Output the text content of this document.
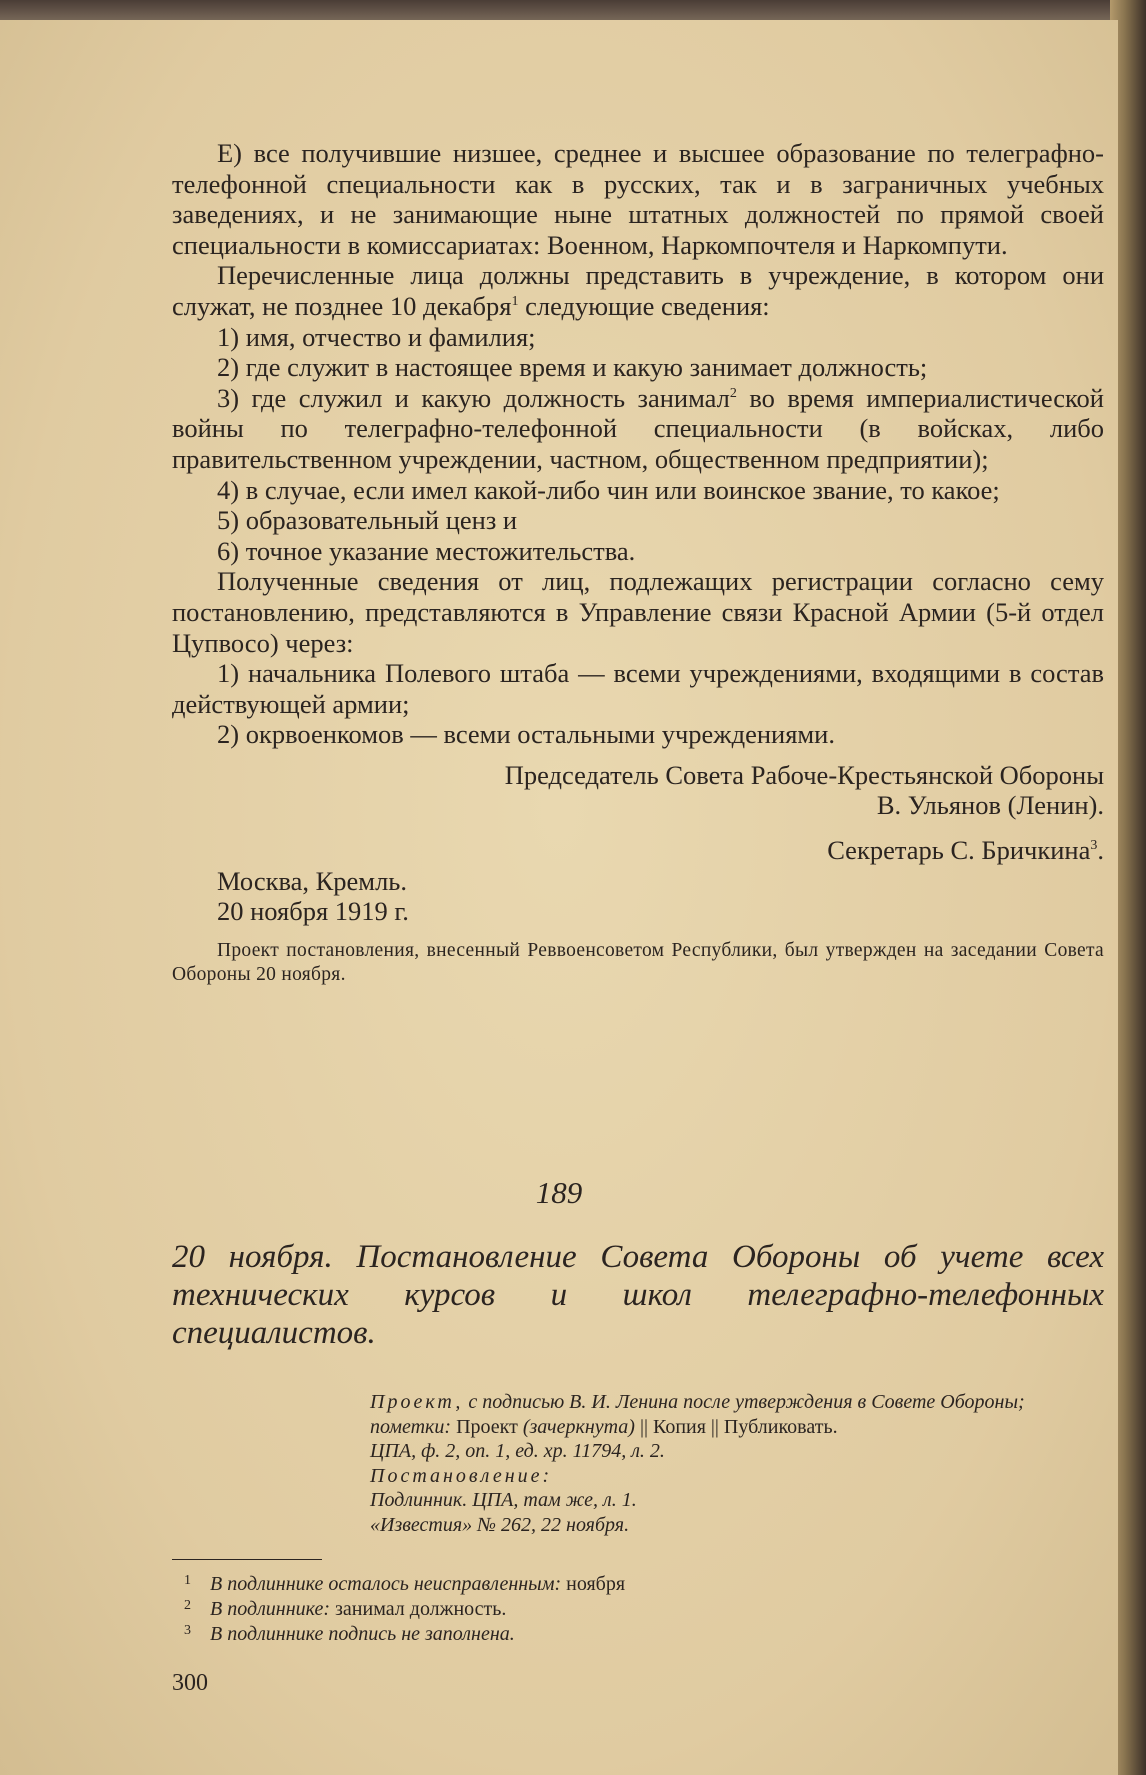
Е) все получившие низшее, среднее и высшее образование по телеграфно-телефонной специальности как в русских, так и в заграничных учебных заведениях, и не занимающие ныне штатных должностей по прямой своей специальности в комиссариатах: Военном, Наркомпочтеля и Наркомпути.

Перечисленные лица должны представить в учреждение, в котором они служат, не позднее 10 декабря$^1$ следующие сведения:

1) имя, отчество и фамилия;

2) где служит в настоящее время и какую занимает должность;

3) где служил и какую должность занимал$^2$ во время империалистической войны по телеграфно-телефонной специальности (в войсках, либо правительственном учреждении, частном, общественном предприятии);

4) в случае, если имел какой-либо чин или воинское звание, то какое;

5) образовательный ценз и

6) точное указание местожительства.

Полученные сведения от лиц, подлежащих регистрации согласно сему постановлению, представляются в Управление связи Красной Армии (5-й отдел Цупвосо) через:

1) начальника Полевого штаба — всеми учреждениями, входящими в состав действующей армии;

2) окрвоенкомов — всеми остальными учреждениями.

Председатель Совета Рабоче-Крестьянской Обороны

В. Ульянов (Ленин).

Секретарь С. Бричкина$^3$.

Москва, Кремль.

20 ноября 1919 г.

Проект постановления, внесенный Реввоенсоветом Республики, был утвержден на заседании Совета Обороны 20 ноября.

189

20 ноября. Постановление Совета Обороны об учете всех технических курсов и школ телеграфно-телефонных специалистов.

Проект, с подписью В. И. Ленина после утверждения в Совете Обороны; пометки: Проект (зачеркнута) || Копия || Публиковать.

ЦПА, ф. 2, оп. 1, ед. хр. 11794, л. 2.

Постановление:

Подлинник. ЦПА, там же, л. 1.

«Известия» № 262, 22 ноября.

1 В подлиннике осталось неисправленным: ноября

2 В подлиннике: занимал должность.

3 В подлиннике подпись не заполнена.

300
